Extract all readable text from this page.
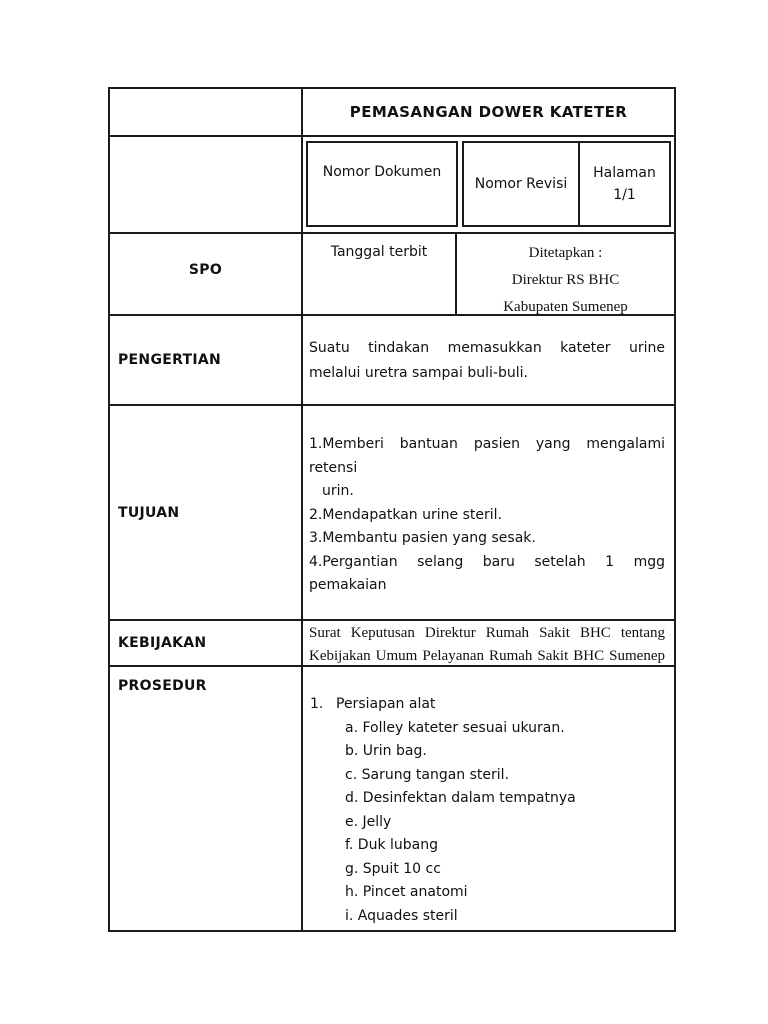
PEMASANGAN DOWER KATETER
Nomor Dokumen
Nomor Revisi
Halaman
1/1
SPO
Tanggal terbit	Ditetapkan :
Direktur RS BHC
Kabupaten Sumenep
PENGERTIAN
Suatu tindakan memasukkan kateter urine
melalui uretra sampai buli-buli.
TUJUAN
1.Memberi bantuan pasien yang mengalami
retensi
urin.
2.Mendapatkan urine steril.
3.Membantu pasien yang sesak.
4.Pergantian selang baru setelah 1 mgg
pemakaian
KEBIJAKAN
Surat Keputusan Direktur Rumah Sakit BHC tentang
Kebijakan Umum Pelayanan Rumah Sakit BHC Sumenep
PROSEDUR
1. Persiapan alat
a. Folley kateter sesuai ukuran.
b. Urin bag.
c. Sarung tangan steril.
d. Desinfektan dalam tempatnya
e. Jelly
f. Duk lubang
g. Spuit 10 cc
h. Pincet anatomi
i. Aquades steril
